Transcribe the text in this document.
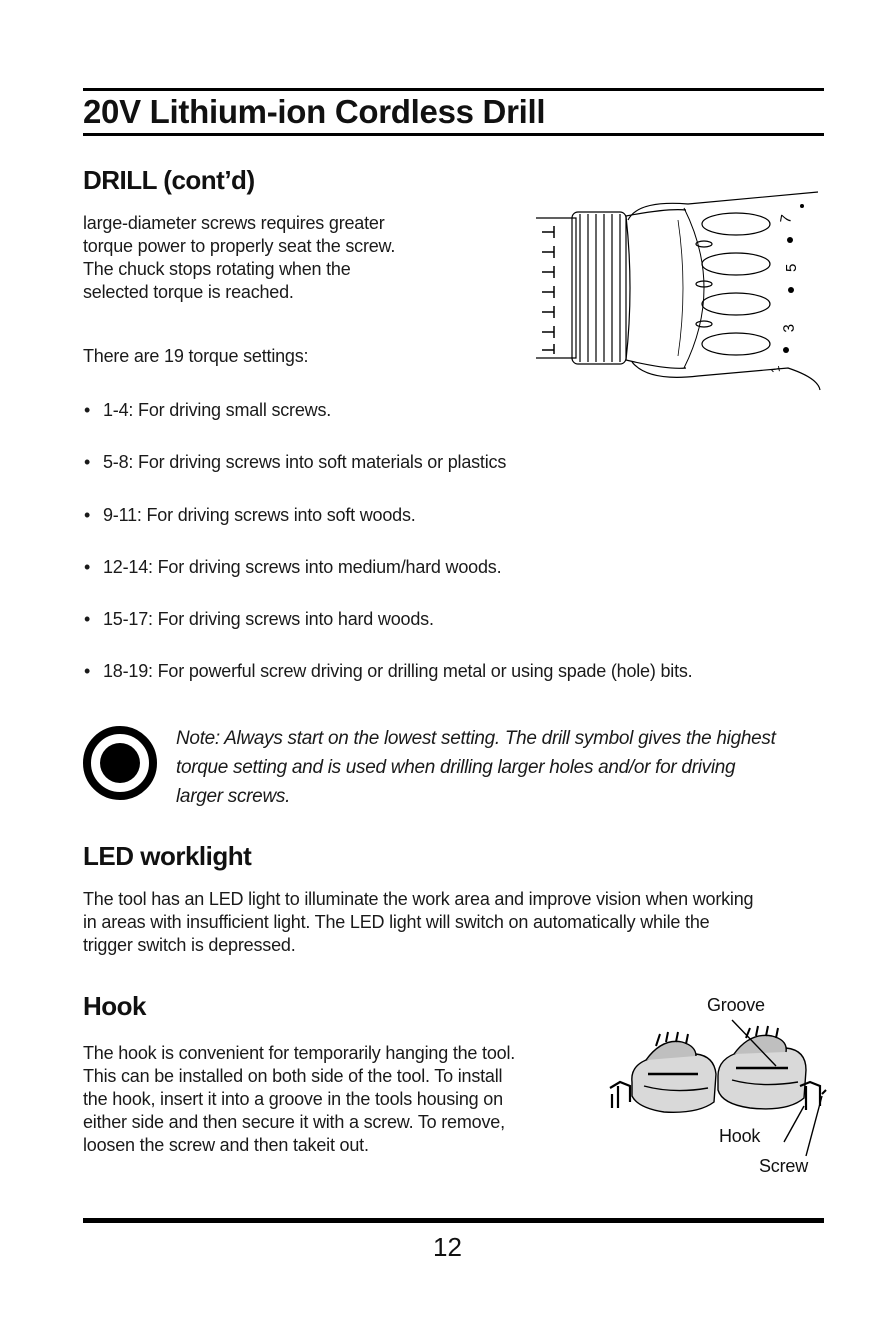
20V Lithium-ion Cordless Drill
DRILL (cont’d)
large-diameter screws requires greater
torque power to properly seat the screw.
The chuck stops rotating when the
selected torque is reached.
There are 19 torque settings:
7
5
3
1
• 1-4: For driving small screws.
• 5-8: For driving screws into soft materials or plastics
• 9-11: For driving screws into soft woods.
• 12-14: For driving screws into medium/hard woods.
• 15-17: For driving screws into hard woods.
• 18-19: For powerful screw driving or drilling metal or using spade (hole) bits.
Note: Always start on the lowest setting. The drill symbol gives the highest
torque setting and is used when drilling larger holes and/or for driving
larger screws.
LED worklight
The tool has an LED light to illuminate the work area and improve vision when working
in areas with insufficient light. The LED light will switch on automatically while the
trigger switch is depressed.
Hook
The hook is convenient for temporarily hanging the tool.
This can be installed on both side of the tool. To install
the hook, insert it into a groove in the tools housing on
either side and then secure it with a screw. To remove,
loosen the screw and then takeit out.
Groove
Hook
Screw
12
